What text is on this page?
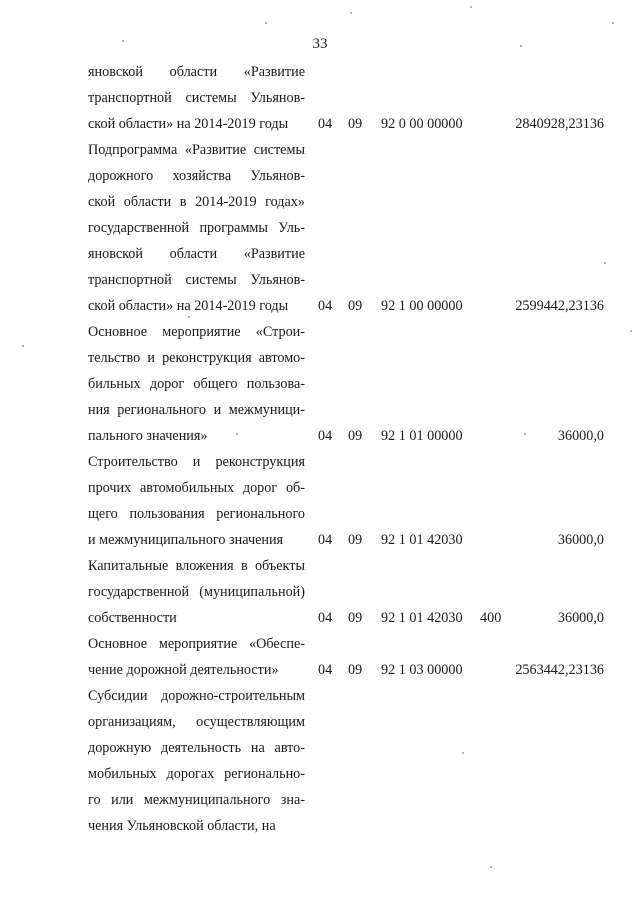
33
яновской области «Развитие
транспортной системы Ульянов-
ской области» на 2014-2019 годы	04 09 92 0 00 00000	2840928,23136
Подпрограмма «Развитие системы
дорожного хозяйства Ульянов-
ской области в 2014-2019 годах»
государственной программы Уль-
яновской области «Развитие
транспортной системы Ульянов-
ской области» на 2014-2019 годы	04 09 92 1 00 00000	2599442,23136
Основное мероприятие «Строи-
тельство и реконструкция автомо-
бильных дорог общего пользова-
ния регионального и межмуници-
пального значения»	04 09 92 1 01 00000	36000,0
Строительство и реконструкция
прочих автомобильных дорог об-
щего пользования регионального
и межмуниципального значения	04 09 92 1 01 42030	36000,0
Капитальные вложения в объекты
государственной (муниципальной)
собственности	04 09 92 1 01 42030 400	36000,0
Основное мероприятие «Обеспе-
чение дорожной деятельности»	04 09 92 1 03 00000	2563442,23136
Субсидии дорожно-строительным
организациям, осуществляющим
дорожную деятельность на авто-
мобильных дорогах регионально-
го или межмуниципального зна-
чения Ульяновской области, на
